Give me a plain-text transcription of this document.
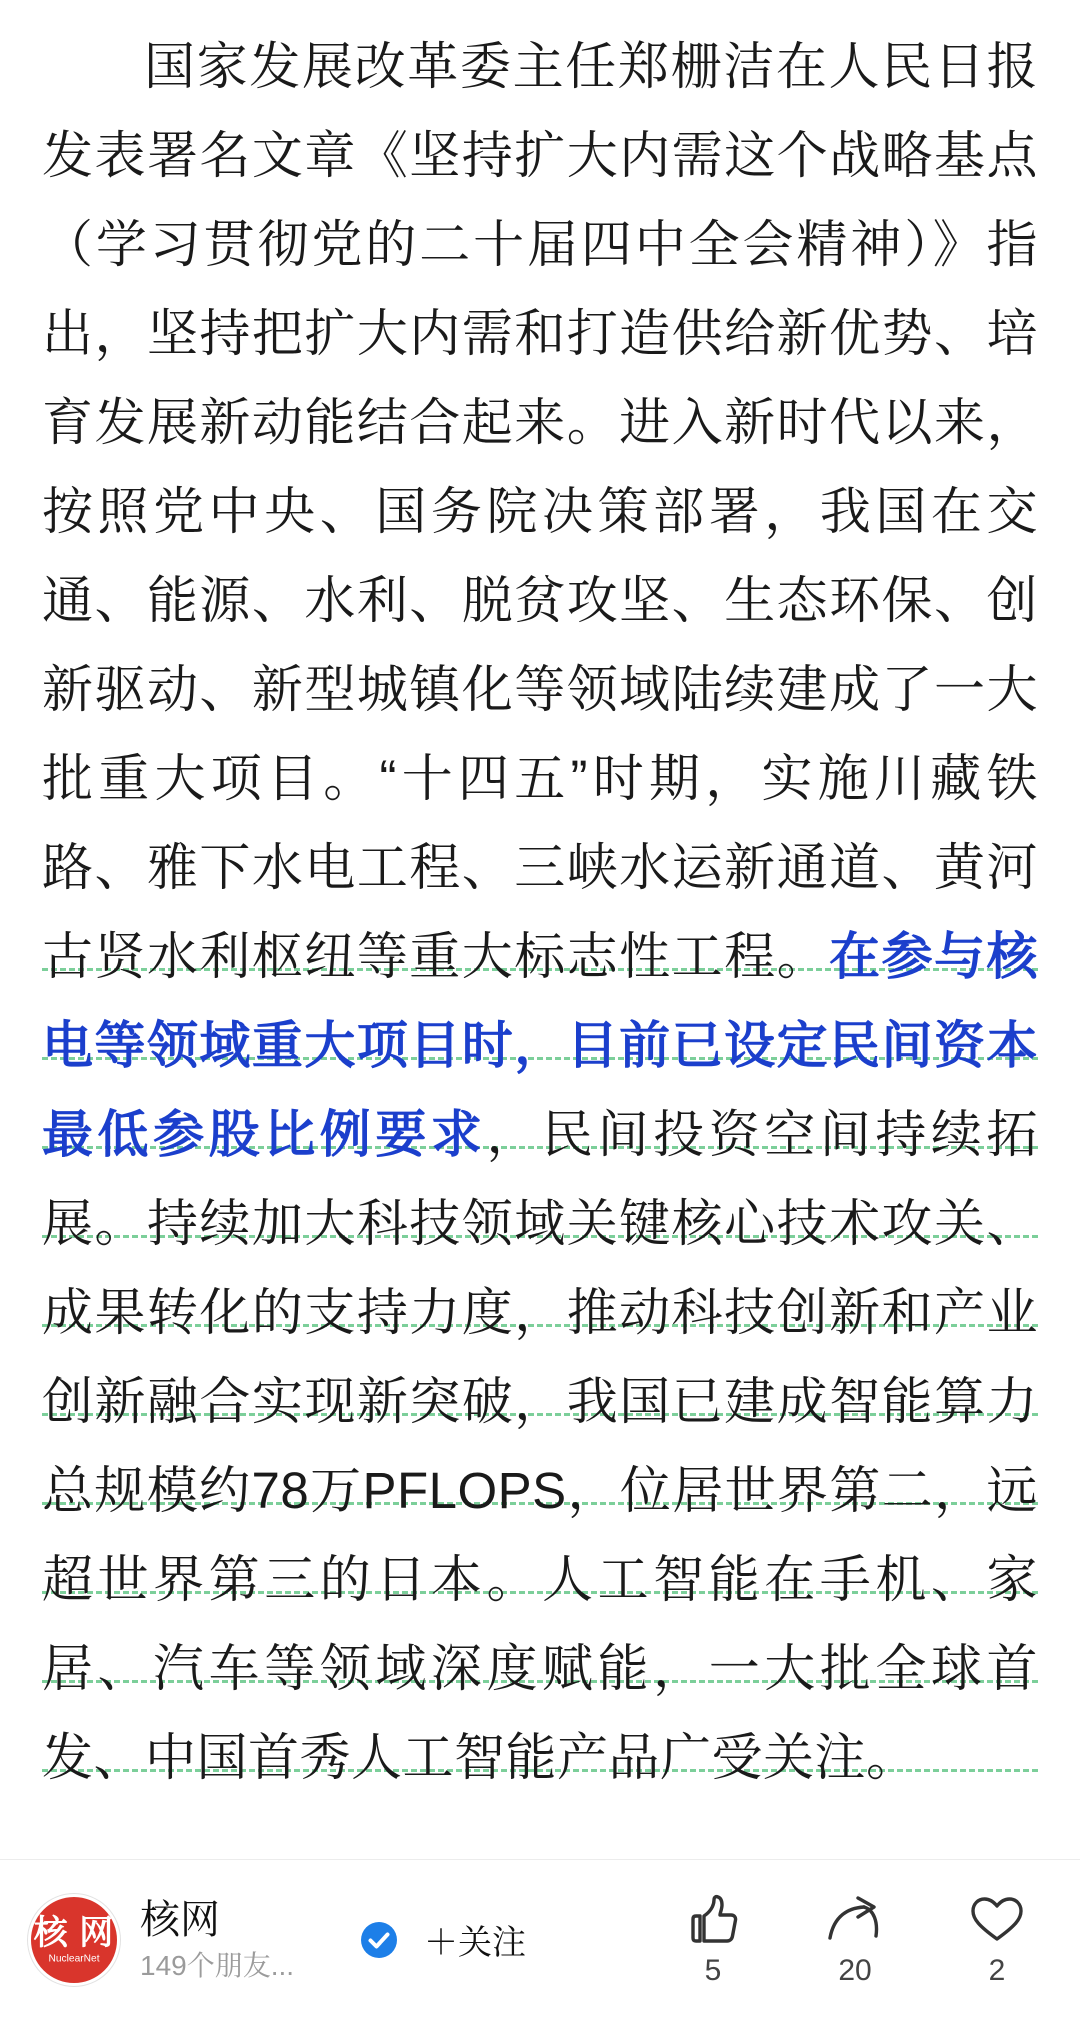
国家发展改革委主任郑栅洁在人民日报发表署名文章《坚持扩大内需这个战略基点（学习贯彻党的二十届四中全会精神）》指出，坚持把扩大内需和打造供给新优势、培育发展新动能结合起来。进入新时代以来，按照党中央、国务院决策部署，我国在交通、能源、水利、脱贫攻坚、生态环保、创新驱动、新型城镇化等领域陆续建成了一大批重大项目。“十四五”时期，实施川藏铁路、雅下水电工程、三峡水运新通道、黄河古贤水利枢纽等重大标志性工程。在参与核电等领域重大项目时，目前已设定民间资本最低参股比例要求，民间投资空间持续拓展。持续加大科技领域关键核心技术攻关、成果转化的支持力度，推动科技创新和产业创新融合实现新突破，我国已建成智能算力总规模约78万PFLOPS，位居世界第二，远超世界第三的日本。人工智能在手机、家居、汽车等领域深度赋能，一大批全球首发、中国首秀人工智能产品广受关注。

核 网
NuclearNet
核网
149个朋友...
＋关注
5	20	2
